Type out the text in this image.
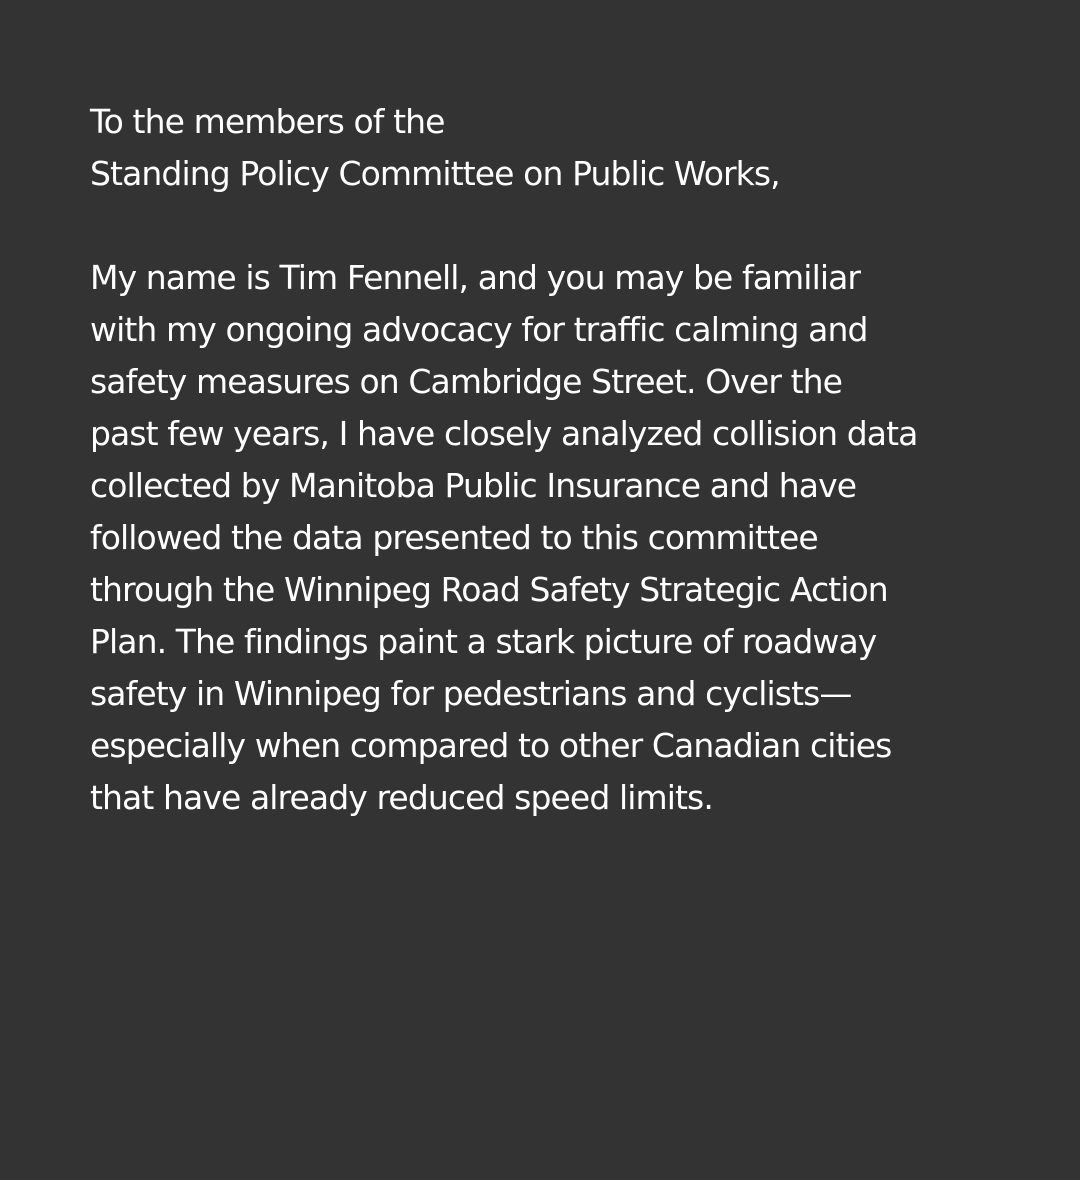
To the members of the
Standing Policy Committee on Public Works,
My name is Tim Fennell, and you may be familiar
with my ongoing advocacy for traffic calming and
safety measures on Cambridge Street. Over the
past few years, I have closely analyzed collision data
collected by Manitoba Public Insurance and have
followed the data presented to this committee
through the Winnipeg Road Safety Strategic Action
Plan. The findings paint a stark picture of roadway
safety in Winnipeg for pedestrians and cyclists—
especially when compared to other Canadian cities
that have already reduced speed limits.
